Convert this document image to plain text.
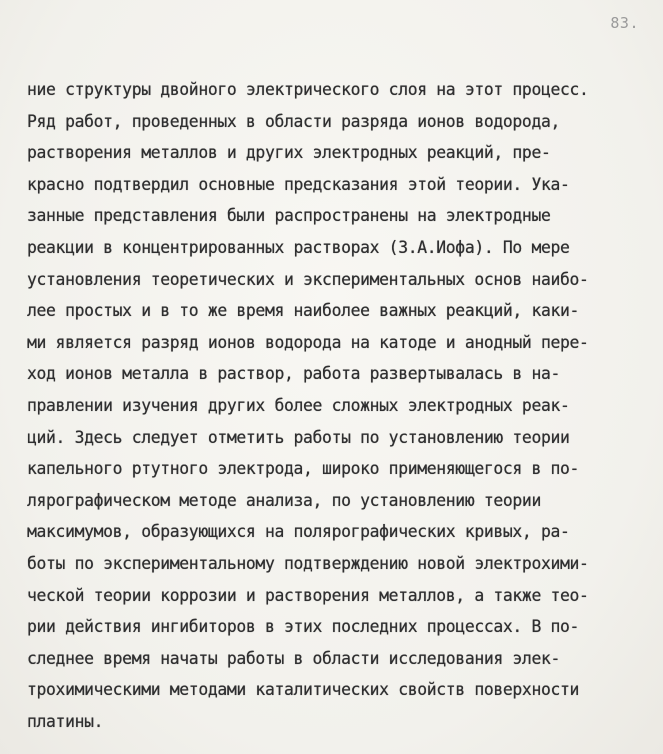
83.
ние структуры двойного электрического слоя на этот процесс.
Ряд работ, проведенных в области разряда ионов водорода,
растворения металлов и других электродных реакций, пре-
красно подтвердил основные предсказания этой теории. Ука-
занные представления были распространены на электродные
реакции в концентрированных растворах (З.А.Иофа). По мере
установления теоретических и экспериментальных основ наибо-
лее простых и в то же время наиболее важных реакций, каки-
ми является разряд ионов водорода на катоде и анодный пере-
ход ионов металла в раствор, работа развертывалась в на-
правлении изучения других более сложных электродных реак-
ций. Здесь следует отметить работы по установлению теории
капельного ртутного электрода, широко применяющегося в по-
лярографическом методе анализа, по установлению теории
максимумов, образующихся на полярографических кривых, ра-
боты по экспериментальному подтверждению новой электрохими-
ческой теории коррозии и растворения металлов, а также тео-
рии действия ингибиторов в этих последних процессах. В по-
следнее время начаты работы в области исследования элек-
трохимическими методами каталитических свойств поверхности
платины.
